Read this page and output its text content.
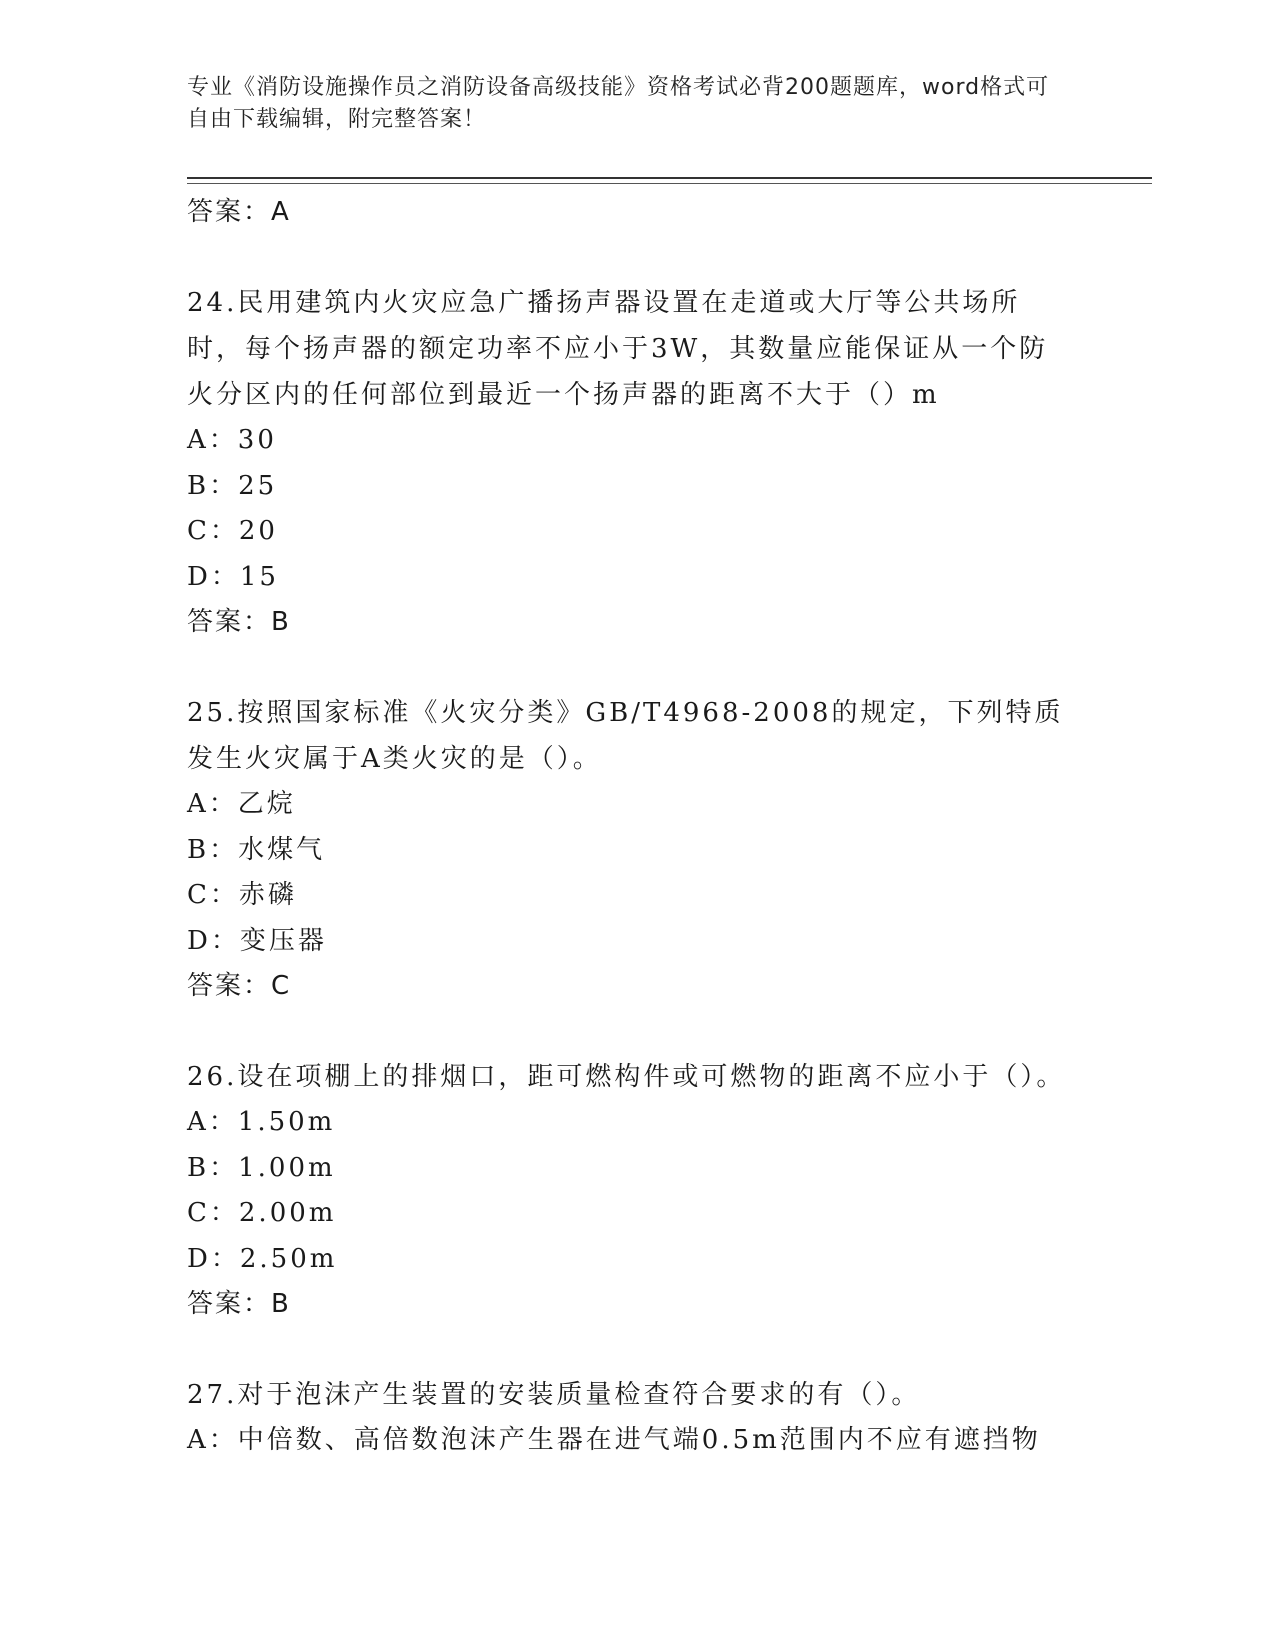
专业《消防设施操作员之消防设备高级技能》资格考试必背200题题库，word格式可自由下载编辑，附完整答案！
答案：A
24.民用建筑内火灾应急广播扬声器设置在走道或大厅等公共场所时，每个扬声器的额定功率不应小于3W，其数量应能保证从一个防火分区内的任何部位到最近一个扬声器的距离不大于（）m
A：30
B：25
C：20
D：15
答案：B
25.按照国家标准《火灾分类》GB/T4968-2008的规定，下列特质发生火灾属于A类火灾的是（）。
A：乙烷
B：水煤气
C：赤磷
D：变压器
答案：C
26.设在项棚上的排烟口，距可燃构件或可燃物的距离不应小于（）。
A：1.50m
B：1.00m
C：2.00m
D：2.50m
答案：B
27.对于泡沫产生装置的安装质量检查符合要求的有（）。
A：中倍数、高倍数泡沫产生器在进气端0.5m范围内不应有遮挡物
